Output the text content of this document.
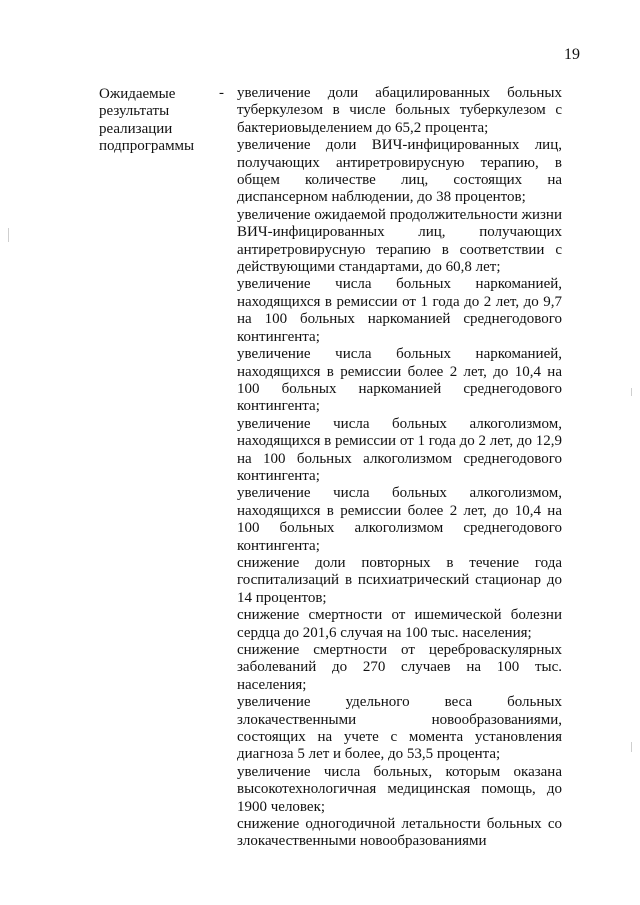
19
Ожидаемые
результаты
реализации
подпрограммы
- увеличение доли абацилированных больных туберкулезом в числе больных туберкулезом с бактериовыделением до 65,2 процента;

увеличение доли ВИЧ-инфицированных лиц, получающих антиретровирусную терапию, в общем количестве лиц, состоящих на диспансерном наблюдении, до 38 процентов;

увеличение ожидаемой продолжительности жизни ВИЧ-инфицированных лиц, получающих антиретровирусную терапию в соответствии с действующими стандартами, до 60,8 лет;

увеличение числа больных наркоманией, находящихся в ремиссии от 1 года до 2 лет, до 9,7 на 100 больных наркоманией среднегодового контингента;

увеличение числа больных наркоманией, находящихся в ремиссии более 2 лет, до 10,4 на 100 больных наркоманией среднегодового контингента;

увеличение числа больных алкоголизмом, находящихся в ремиссии от 1 года до 2 лет, до 12,9 на 100 больных алкоголизмом среднегодового контингента;

увеличение числа больных алкоголизмом, находящихся в ремиссии более 2 лет, до 10,4 на 100 больных алкоголизмом среднегодового контингента;

снижение доли повторных в течение года госпитализаций в психиатрический стационар до 14 процентов;

снижение смертности от ишемической болезни сердца до 201,6 случая на 100 тыс. населения;

снижение смертности от цереброваскулярных заболеваний до 270 случаев на 100 тыс. населения;

увеличение удельного веса больных злокачественными новообразованиями, состоящих на учете с момента установления диагноза 5 лет и более, до 53,5 процента;

увеличение числа больных, которым оказана высокотехнологичная медицинская помощь, до 1900 человек;

снижение одногодичной летальности больных со злокачественными новообразованиями
